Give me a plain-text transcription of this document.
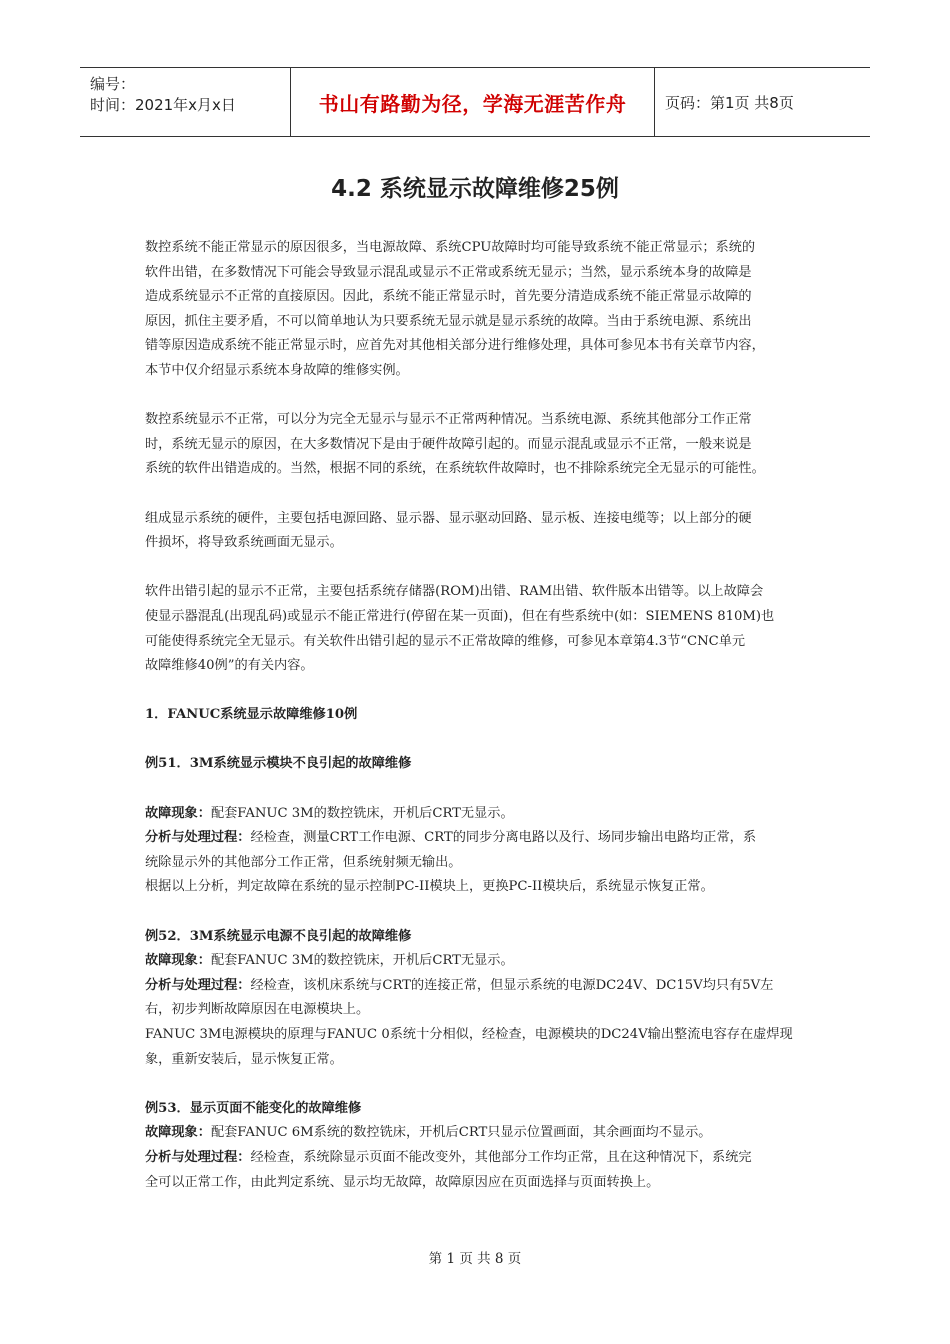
编号：
时间：2021年x月x日	书山有路勤为径，学海无涯苦作舟	页码：第1页 共8页
4.2 系统显示故障维修25例

数控系统不能正常显示的原因很多，当电源故障、系统CPU故障时均可能导致系统不能正常显示；系统的

软件出错，在多数情况下可能会导致显示混乱或显示不正常或系统无显示；当然，显示系统本身的故障是

造成系统显示不正常的直接原因。因此，系统不能正常显示时，首先要分清造成系统不能正常显示故障的

原因，抓住主要矛盾，不可以简单地认为只要系统无显示就是显示系统的故障。当由于系统电源、系统出

错等原因造成系统不能正常显示时，应首先对其他相关部分进行维修处理，具体可参见本书有关章节内容，

本节中仅介绍显示系统本身故障的维修实例。

数控系统显示不正常，可以分为完全无显示与显示不正常两种情况。当系统电源、系统其他部分工作正常

时，系统无显示的原因，在大多数情况下是由于硬件故障引起的。而显示混乱或显示不正常，一般来说是

系统的软件出错造成的。当然，根据不同的系统，在系统软件故障时，也不排除系统完全无显示的可能性。

组成显示系统的硬件，主要包括电源回路、显示器、显示驱动回路、显示板、连接电缆等；以上部分的硬

件损坏，将导致系统画面无显示。

软件出错引起的显示不正常，主要包括系统存储器(ROM)出错、RAM出错、软件版本出错等。以上故障会

使显示器混乱(出现乱码)或显示不能正常进行(停留在某一页面)，但在有些系统中(如：SIEMENS 810M)也

可能使得系统完全无显示。有关软件出错引起的显示不正常故障的维修，可参见本章第4.3节“CNC单元

故障维修40例”的有关内容。

1．FANUC系统显示故障维修10例

例51．3M系统显示模块不良引起的故障维修

故障现象：配套FANUC 3M的数控铣床，开机后CRT无显示。

分析与处理过程：经检查，测量CRT工作电源、CRT的同步分离电路以及行、场同步输出电路均正常，系

统除显示外的其他部分工作正常，但系统射频无输出。

根据以上分析，判定故障在系统的显示控制PC-II模块上，更换PC-II模块后，系统显示恢复正常。

例52．3M系统显示电源不良引起的故障维修

故障现象：配套FANUC 3M的数控铣床，开机后CRT无显示。

分析与处理过程：经检查，该机床系统与CRT的连接正常，但显示系统的电源DC24V、DC15V均只有5V左

右，初步判断故障原因在电源模块上。

FANUC 3M电源模块的原理与FANUC 0系统十分相似，经检查，电源模块的DC24V输出整流电容存在虚焊现

象，重新安装后，显示恢复正常。

例53．显示页面不能变化的故障维修

故障现象：配套FANUC 6M系统的数控铣床，开机后CRT只显示位置画面，其余画面均不显示。

分析与处理过程：经检查，系统除显示页面不能改变外，其他部分工作均正常，且在这种情况下，系统完

全可以正常工作，由此判定系统、显示均无故障，故障原因应在页面选择与页面转换上。

第 1 页 共 8 页
